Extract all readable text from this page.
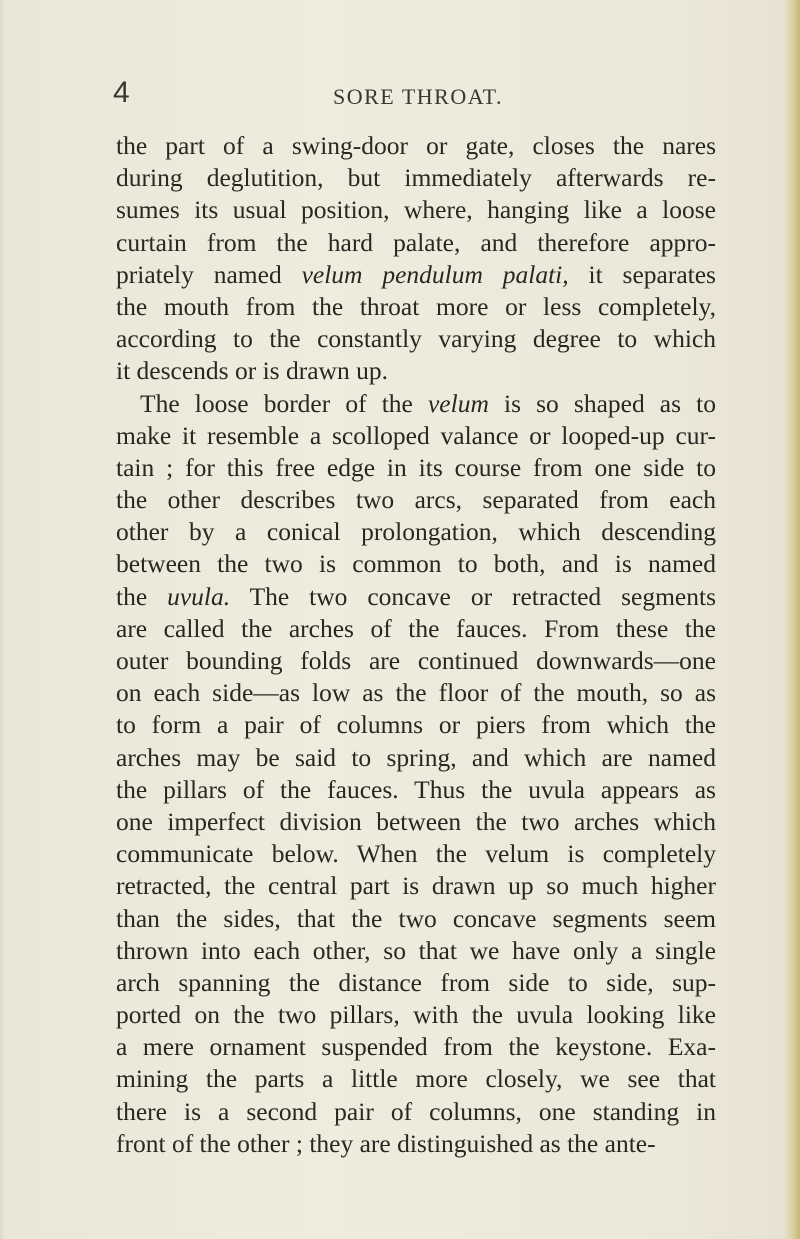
4	SORE THROAT.
the part of a swing-door or gate, closes the nares
during deglutition, but immediately afterwards re-
sumes its usual position, where, hanging like a loose
curtain from the hard palate, and therefore appro-
priately named velum pendulum palati, it separates
the mouth from the throat more or less completely,
according to the constantly varying degree to which
it descends or is drawn up.
The loose border of the velum is so shaped as to
make it resemble a scolloped valance or looped-up cur-
tain ; for this free edge in its course from one side to
the other describes two arcs, separated from each
other by a conical prolongation, which descending
between the two is common to both, and is named
the uvula. The two concave or retracted segments
are called the arches of the fauces. From these the
outer bounding folds are continued downwards—one
on each side—as low as the floor of the mouth, so as
to form a pair of columns or piers from which the
arches may be said to spring, and which are named
the pillars of the fauces. Thus the uvula appears as
one imperfect division between the two arches which
communicate below. When the velum is completely
retracted, the central part is drawn up so much higher
than the sides, that the two concave segments seem
thrown into each other, so that we have only a single
arch spanning the distance from side to side, sup-
ported on the two pillars, with the uvula looking like
a mere ornament suspended from the keystone. Exa-
mining the parts a little more closely, we see that
there is a second pair of columns, one standing in
front of the other ; they are distinguished as the ante-
